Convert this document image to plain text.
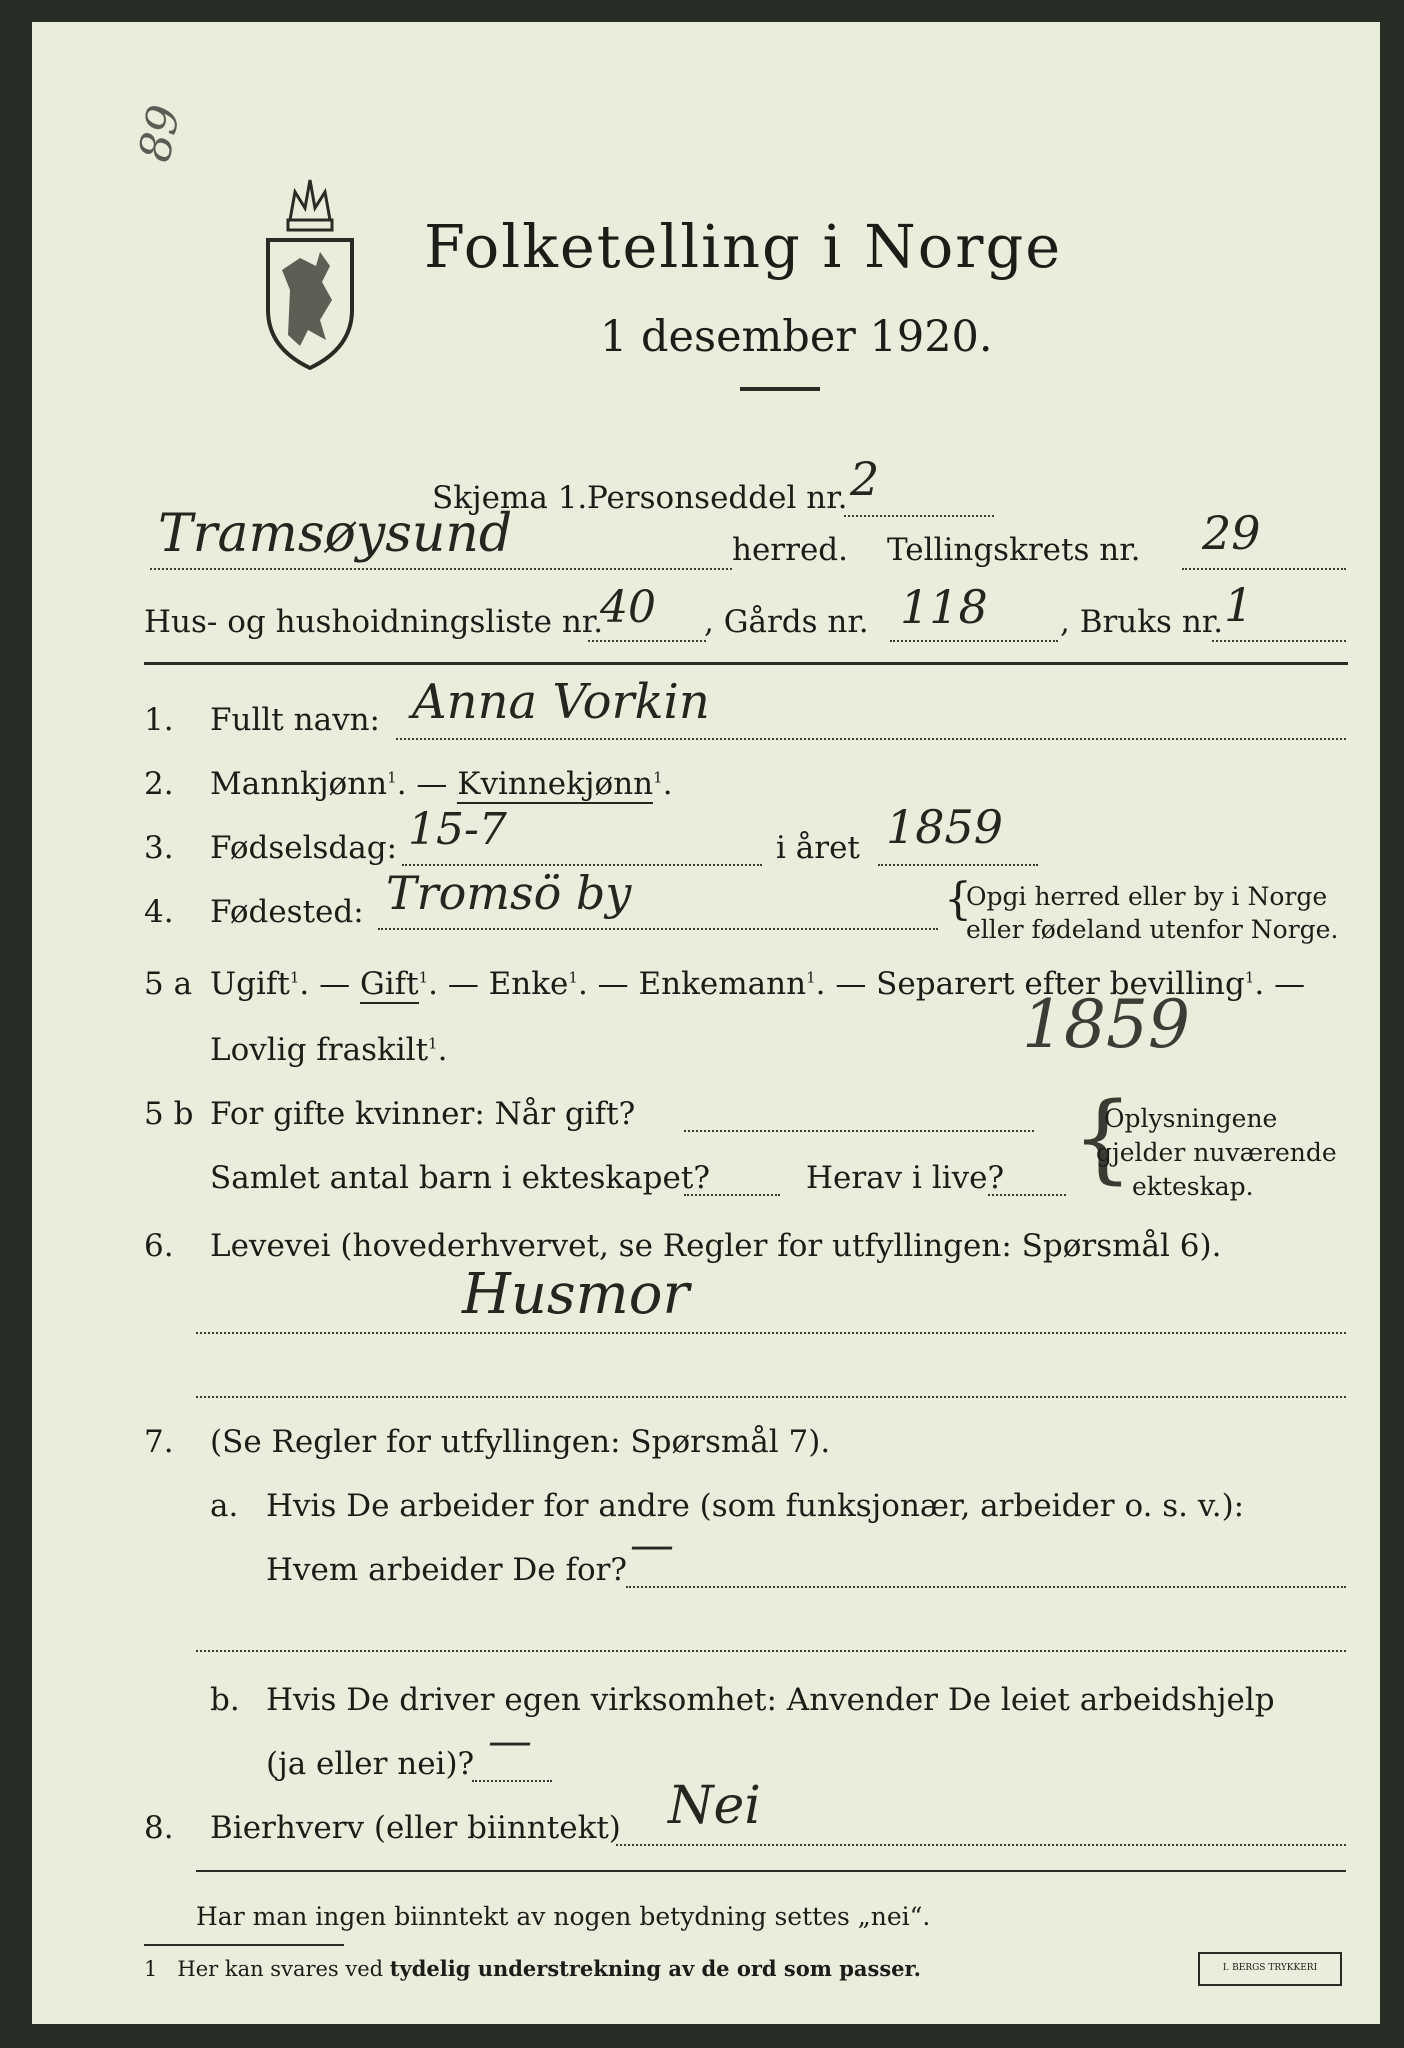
89
Folketelling i Norge
1 desember 1920.
Skjema 1. Personseddel nr. 2
Tramsøysund	herred. Tellingskrets nr. 29
Hus- og hushoidningsliste nr.
40 , Gårds nr. 118 , Bruks nr. 1
1. Fullt navn: Anna Vorkin
2. Mannkjønn$^1$. — Kvinnekjønn$^1$.
3. Fødselsdag: 15-7	i året 1859
4. Fødested: Tromsö by	{
Opgi herred eller by i Norge
eller fødeland utenfor Norge.
5 a Ugift$^1$. — Gift$^1$. — Enke$^1$. — Enkemann$^1$. — Separert efter bevilling$^1$. —
Lovlig fraskilt$^1$.	1859
5 b For gifte kvinner: Når gift?
Samlet antal barn i ekteskapet?	Herav i live? {
Oplysningene
gjelder nuværende
ekteskap.
6. Levevei (hovederhvervet, se Regler for utfyllingen: Spørsmål 6).
Husmor
7. (Se Regler for utfyllingen: Spørsmål 7).
a. Hvis De arbeider for andre (som funksjonær, arbeider o. s. v.):
Hvem arbeider De for? —
b. Hvis De driver egen virksomhet: Anvender De leiet arbeidshjelp
(ja eller nei)? —
8. Bierhverv (eller biinntekt) Nei
Har man ingen biinntekt av nogen betydning settes „nei“.
1 Her kan svares ved tydelig understrekning av de ord som passer.	I. BERGS TRYKKERI
